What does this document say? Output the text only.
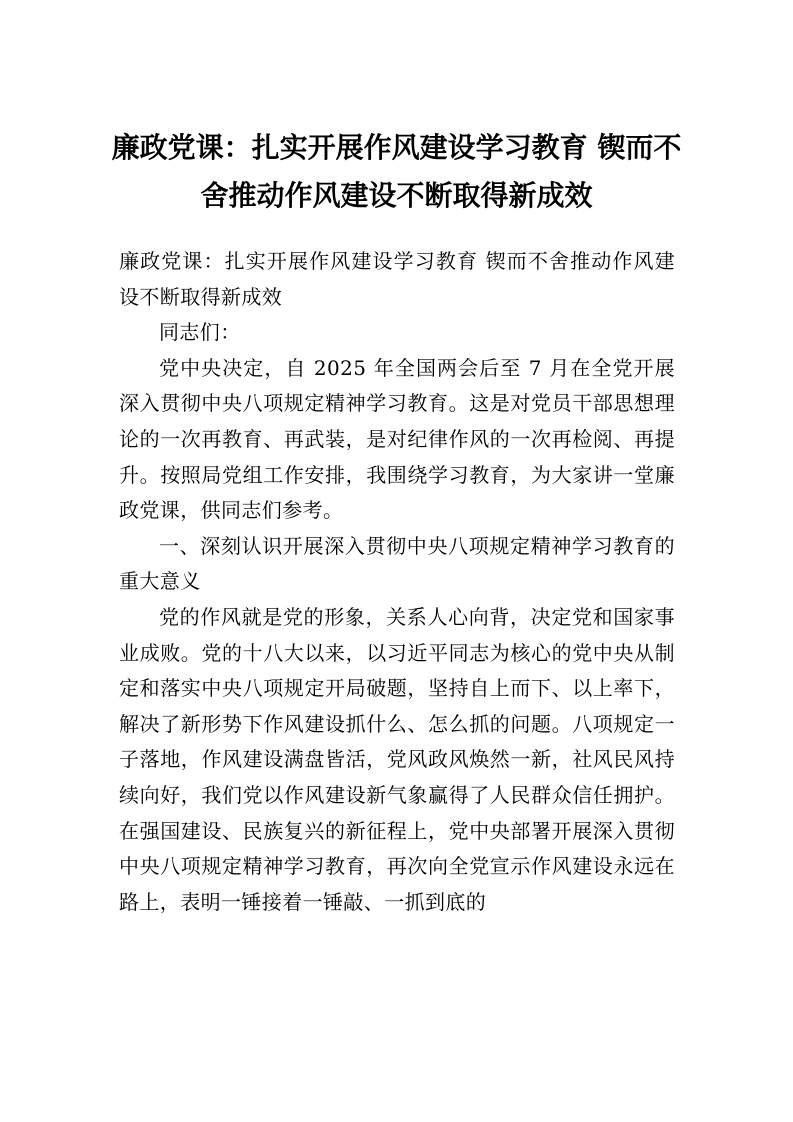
廉政党课：扎实开展作风建设学习教育 锲而不舍推动作风建设不断取得新成效

廉政党课：扎实开展作风建设学习教育 锲而不舍推动作风建设不断取得新成效

同志们：

党中央决定，自 2025 年全国两会后至 7 月在全党开展深入贯彻中央八项规定精神学习教育。这是对党员干部思想理论的一次再教育、再武装，是对纪律作风的一次再检阅、再提升。按照局党组工作安排，我围绕学习教育，为大家讲一堂廉政党课，供同志们参考。

一、深刻认识开展深入贯彻中央八项规定精神学习教育的重大意义

党的作风就是党的形象，关系人心向背，决定党和国家事业成败。党的十八大以来，以习近平同志为核心的党中央从制定和落实中央八项规定开局破题，坚持自上而下、以上率下，解决了新形势下作风建设抓什么、怎么抓的问题。八项规定一子落地，作风建设满盘皆活，党风政风焕然一新，社风民风持续向好，我们党以作风建设新气象赢得了人民群众信任拥护。在强国建设、民族复兴的新征程上，党中央部署开展深入贯彻中央八项规定精神学习教育，再次向全党宣示作风建设永远在路上，表明一锤接着一锤敲、一抓到底的
